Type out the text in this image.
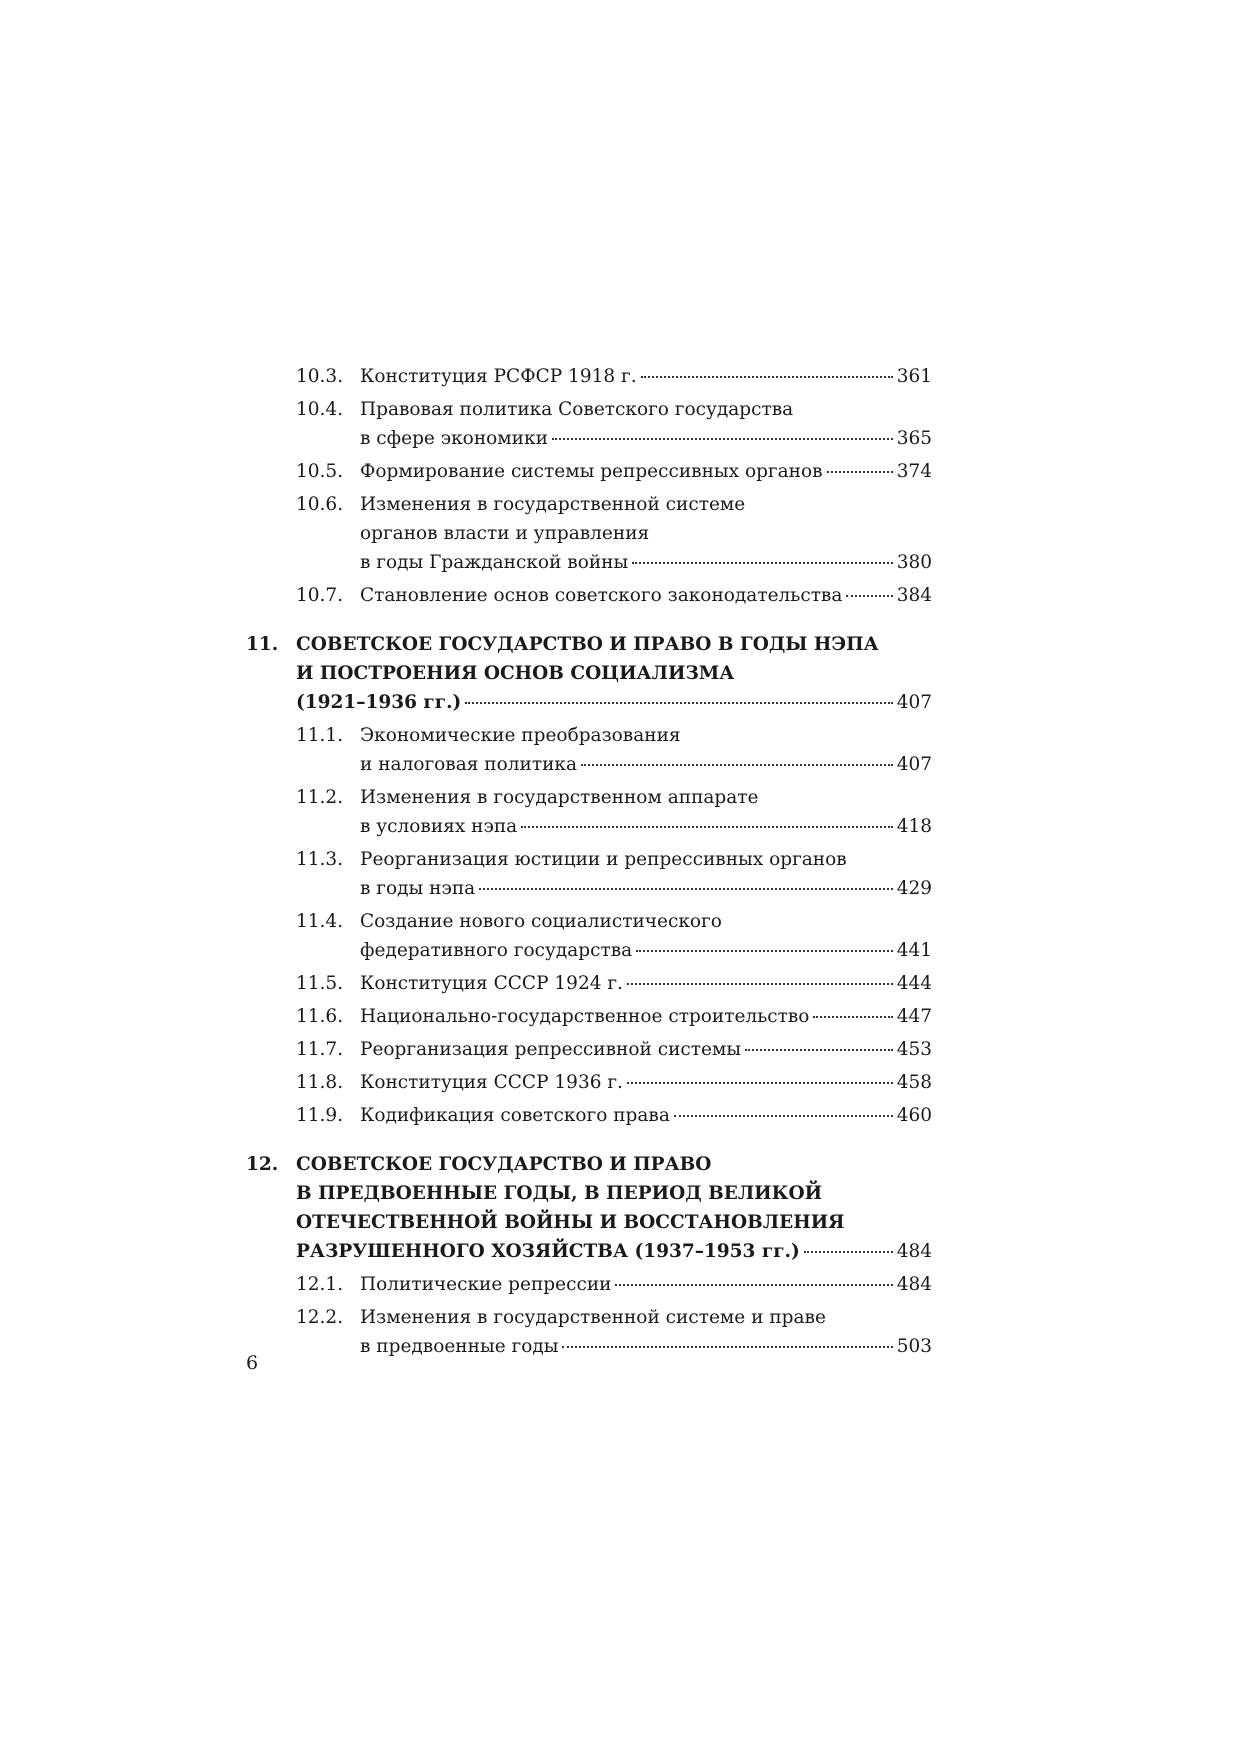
10.3. Конституция РСФСР 1918 г.	361
10.4. Правовая политика Советского государства
в сфере экономики	365
10.5. Формирование системы репрессивных органов	374
10.6. Изменения в государственной системе
органов власти и управления
в годы Гражданской войны	380
10.7. Становление основ советского законодательства	384
11. СОВЕТСКОЕ ГОСУДАРСТВО И ПРАВО В ГОДЫ НЭПА
И ПОСТРОЕНИЯ ОСНОВ СОЦИАЛИЗМА
(1921–1936 гг.)	407
11.1. Экономические преобразования
и налоговая политика	407
11.2. Изменения в государственном аппарате
в условиях нэпа	418
11.3. Реорганизация юстиции и репрессивных органов
в годы нэпа	429
11.4. Создание нового социалистического
федеративного государства	441
11.5. Конституция СССР 1924 г.	444
11.6. Национально-государственное строительство	447
11.7. Реорганизация репрессивной системы	453
11.8. Конституция СССР 1936 г.	458
11.9. Кодификация советского права	460
12. СОВЕТСКОЕ ГОСУДАРСТВО И ПРАВО
В ПРЕДВОЕННЫЕ ГОДЫ, В ПЕРИОД ВЕЛИКОЙ
ОТЕЧЕСТВЕННОЙ ВОЙНЫ И ВОССТАНОВЛЕНИЯ
РАЗРУШЕННОГО ХОЗЯЙСТВА (1937–1953 гг.)	484
12.1. Политические репрессии	484
12.2. Изменения в государственной системе и праве
в предвоенные годы	503
6
